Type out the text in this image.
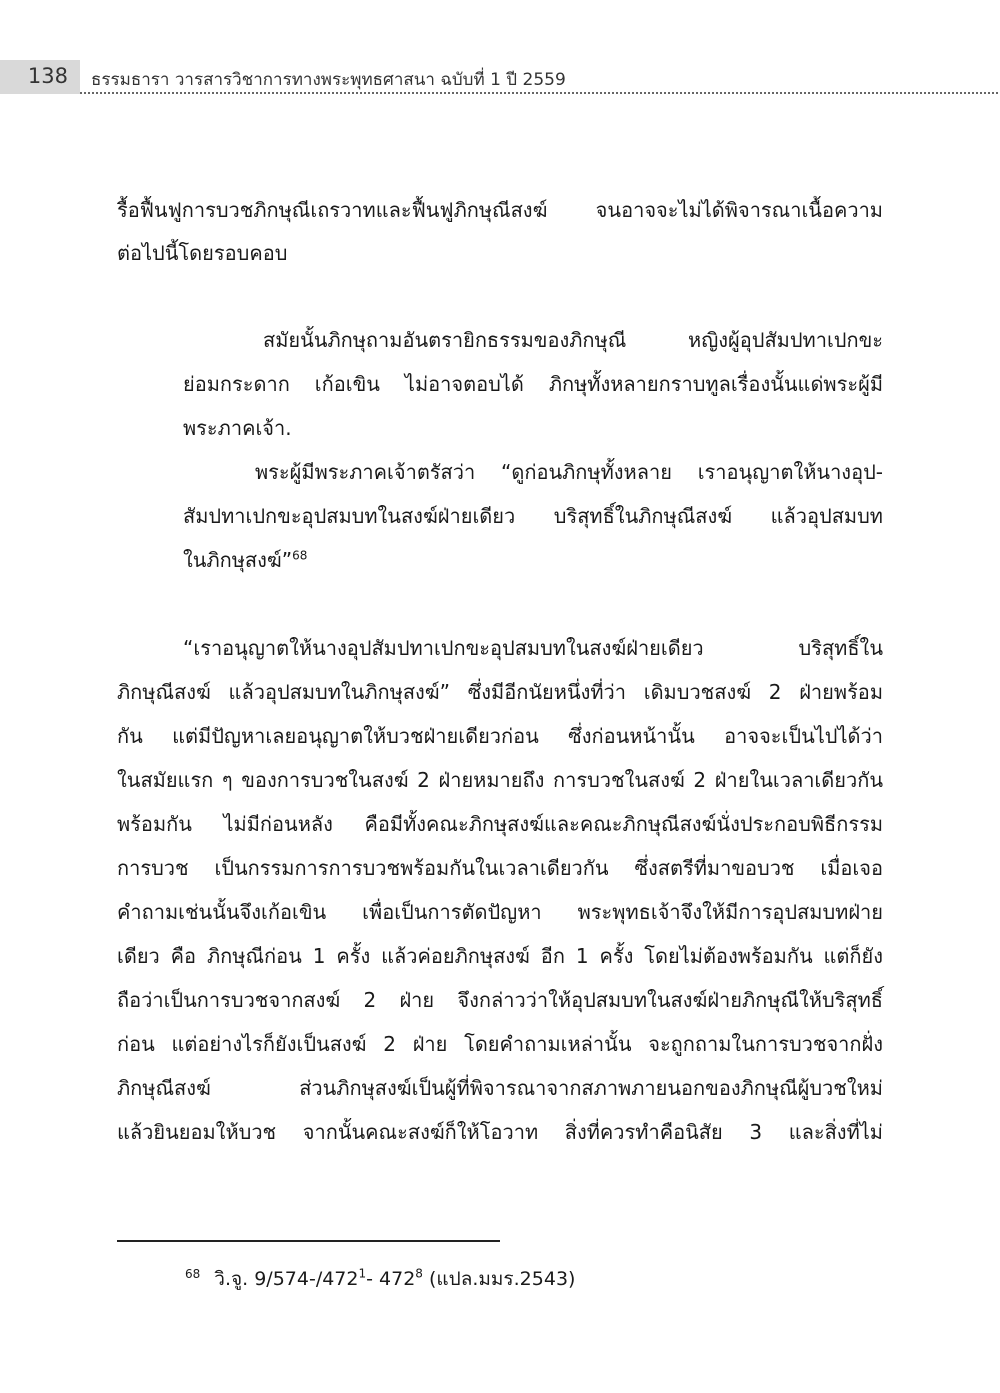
138 ธรรมธารา วารสารวิชาการทางพระพุทธศาสนา ฉบับที่ 1 ปี 2559
รื้อฟื้นฟูการบวชภิกษุณีเถรวาทและฟื้นฟูภิกษุณีสงฆ์ จนอาจจะไม่ได้พิจารณาเนื้อความ
ต่อไปนี้โดยรอบคอบ
สมัยนั้นภิกษุถามอันตรายิกธรรมของภิกษุณี หญิงผู้อุปสัมปทาเปกขะ
ย่อมกระดาก เก้อเขิน ไม่อาจตอบได้ ภิกษุทั้งหลายกราบทูลเรื่องนั้นแด่พระผู้มี
พระภาคเจ้า.
พระผู้มีพระภาคเจ้าตรัสว่า “ดูก่อนภิกษุทั้งหลาย เราอนุญาตให้นางอุป-
สัมปทาเปกขะอุปสมบทในสงฆ์ฝ่ายเดียว บริสุทธิ์ในภิกษุณีสงฆ์ แล้วอุปสมบท
ในภิกษุสงฆ์”$^{68}$
“เราอนุญาตให้นางอุปสัมปทาเปกขะอุปสมบทในสงฆ์ฝ่ายเดียว บริสุทธิ์ใน
ภิกษุณีสงฆ์ แล้วอุปสมบทในภิกษุสงฆ์” ซึ่งมีอีกนัยหนึ่งที่ว่า เดิมบวชสงฆ์ 2 ฝ่ายพร้อม
กัน แต่มีปัญหาเลยอนุญาตให้บวชฝ่ายเดียวก่อน ซึ่งก่อนหน้านั้น อาจจะเป็นไปได้ว่า
ในสมัยแรก ๆ ของการบวชในสงฆ์ 2 ฝ่ายหมายถึง การบวชในสงฆ์ 2 ฝ่ายในเวลาเดียวกัน
พร้อมกัน ไม่มีก่อนหลัง คือมีทั้งคณะภิกษุสงฆ์และคณะภิกษุณีสงฆ์นั่งประกอบพิธีกรรม
การบวช เป็นกรรมการการบวชพร้อมกันในเวลาเดียวกัน ซึ่งสตรีที่มาขอบวช เมื่อเจอ
คำถามเช่นนั้นจึงเก้อเขิน เพื่อเป็นการตัดปัญหา พระพุทธเจ้าจึงให้มีการอุปสมบทฝ่าย
เดียว คือ ภิกษุณีก่อน 1 ครั้ง แล้วค่อยภิกษุสงฆ์ อีก 1 ครั้ง โดยไม่ต้องพร้อมกัน แต่ก็ยัง
ถือว่าเป็นการบวชจากสงฆ์ 2 ฝ่าย จึงกล่าวว่าให้อุปสมบทในสงฆ์ฝ่ายภิกษุณีให้บริสุทธิ์
ก่อน แต่อย่างไรก็ยังเป็นสงฆ์ 2 ฝ่าย โดยคำถามเหล่านั้น จะถูกถามในการบวชจากฝั่ง
ภิกษุณีสงฆ์ ส่วนภิกษุสงฆ์เป็นผู้ที่พิจารณาจากสภาพภายนอกของภิกษุณีผู้บวชใหม่
แล้วยินยอมให้บวช จากนั้นคณะสงฆ์ก็ให้โอวาท สิ่งที่ควรทำคือนิสัย 3 และสิ่งที่ไม่
$^{68}$ วิ.จู. $9/574-/472^1-$ $472^8$ (แปล.มมร.2543)
